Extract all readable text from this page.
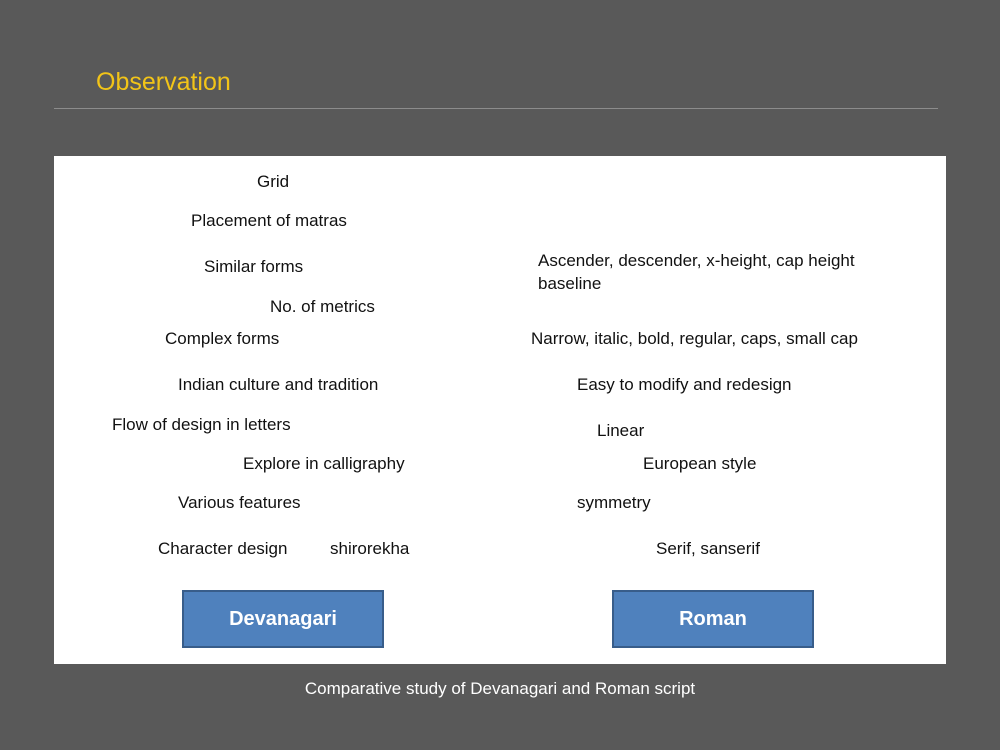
Observation
Grid
Placement of matras
Similar forms
No. of metrics
Complex forms
Indian culture and tradition
Flow of design in letters
Explore in calligraphy
Various features
Character design	shirorekha
Ascender, descender, x-height, cap height baseline
Narrow, italic, bold, regular, caps, small cap
Easy to modify and redesign
Linear
European style
symmetry
Serif, sanserif
Devanagari	Roman
Comparative study of Devanagari and Roman script
